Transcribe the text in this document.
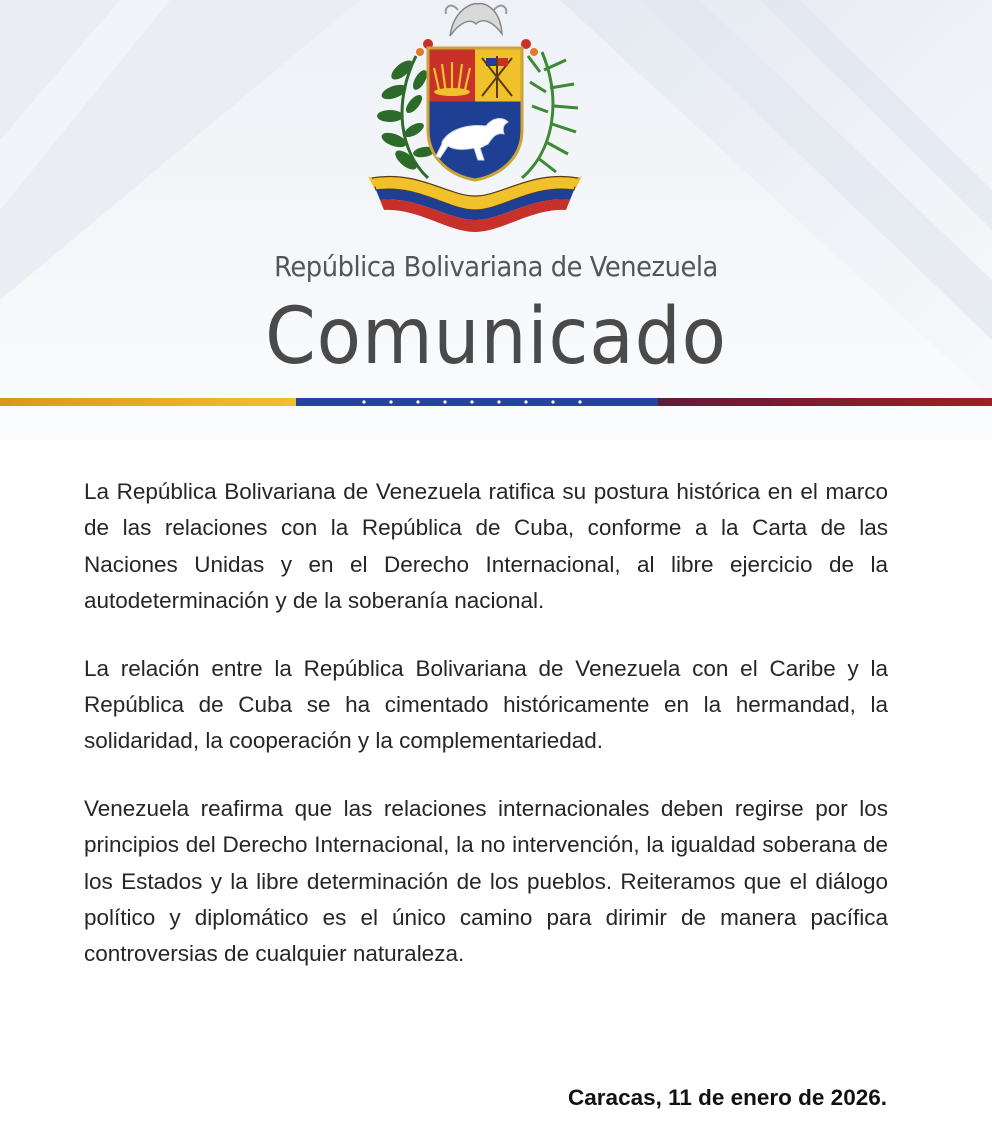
República Bolivariana de Venezuela
Comunicado

La República Bolivariana de Venezuela ratifica su postura histórica en el marco de las relaciones con la República de Cuba, conforme a la Carta de las Naciones Unidas y en el Derecho Internacional, al libre ejercicio de la autodeterminación y de la soberanía nacional.

La relación entre la República Bolivariana de Venezuela con el Caribe y la República de Cuba se ha cimentado históricamente en la hermandad, la solidaridad, la cooperación y la complementariedad.

Venezuela reafirma que las relaciones internacionales deben regirse por los principios del Derecho Internacional, la no intervención, la igualdad soberana de los Estados y la libre determinación de los pueblos. Reiteramos que el diálogo político y diplomático es el único camino para dirimir de manera pacífica controversias de cualquier naturaleza.

Caracas, 11 de enero de 2026.
